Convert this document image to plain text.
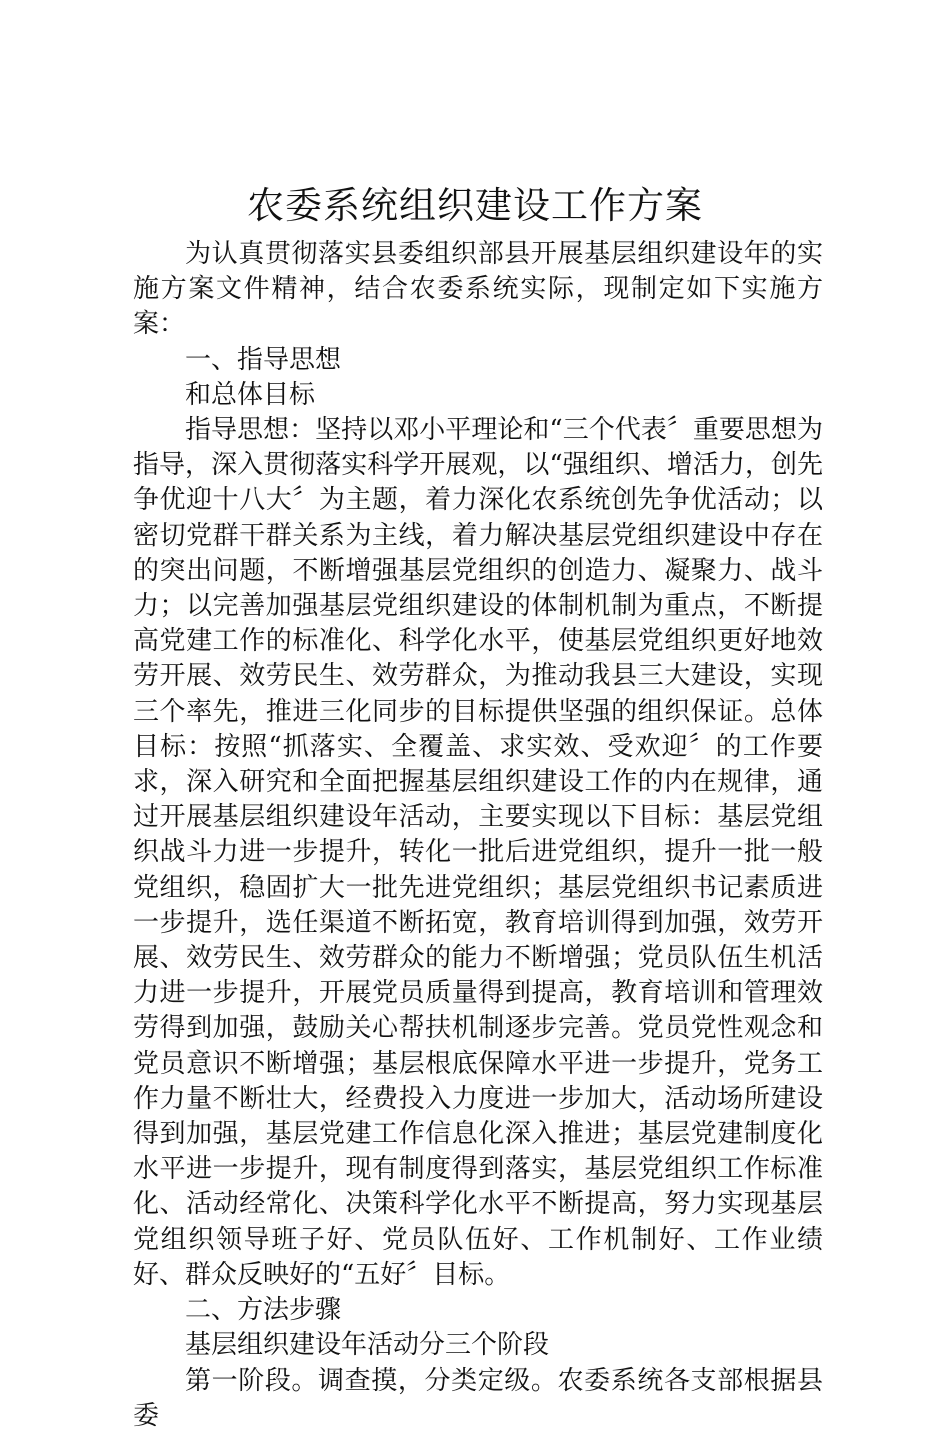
农委系统组织建设工作方案

为认真贯彻落实县委组织部县开展基层组织建设年的实施方案文件精神，结合农委系统实际，现制定如下实施方案：

一、指导思想

和总体目标

指导思想：坚持以邓小平理论和“三个代表〞重要思想为指导，深入贯彻落实科学开展观，以“强组织、增活力，创先争优迎十八大〞为主题，着力深化农系统创先争优活动；以密切党群干群关系为主线，着力解决基层党组织建设中存在的突出问题，不断增强基层党组织的创造力、凝聚力、战斗力；以完善加强基层党组织建设的体制机制为重点，不断提高党建工作的标准化、科学化水平，使基层党组织更好地效劳开展、效劳民生、效劳群众，为推动我县三大建设，实现三个率先，推进三化同步的目标提供坚强的组织保证。总体目标：按照“抓落实、全覆盖、求实效、受欢迎〞的工作要求，深入研究和全面把握基层组织建设工作的内在规律，通过开展基层组织建设年活动，主要实现以下目标：基层党组织战斗力进一步提升，转化一批后进党组织，提升一批一般党组织，稳固扩大一批先进党组织；基层党组织书记素质进一步提升，选任渠道不断拓宽，教育培训得到加强，效劳开展、效劳民生、效劳群众的能力不断增强；党员队伍生机活力进一步提升，开展党员质量得到提高，教育培训和管理效劳得到加强，鼓励关心帮扶机制逐步完善。党员党性观念和党员意识不断增强；基层根底保障水平进一步提升，党务工作力量不断壮大，经费投入力度进一步加大，活动场所建设得到加强，基层党建工作信息化深入推进；基层党建制度化水平进一步提升，现有制度得到落实，基层党组织工作标准化、活动经常化、决策科学化水平不断提高，努力实现基层党组织领导班子好、党员队伍好、工作机制好、工作业绩好、群众反映好的“五好〞目标。

二、方法步骤

基层组织建设年活动分三个阶段

第一阶段。调查摸，分类定级。农委系统各支部根据县委
